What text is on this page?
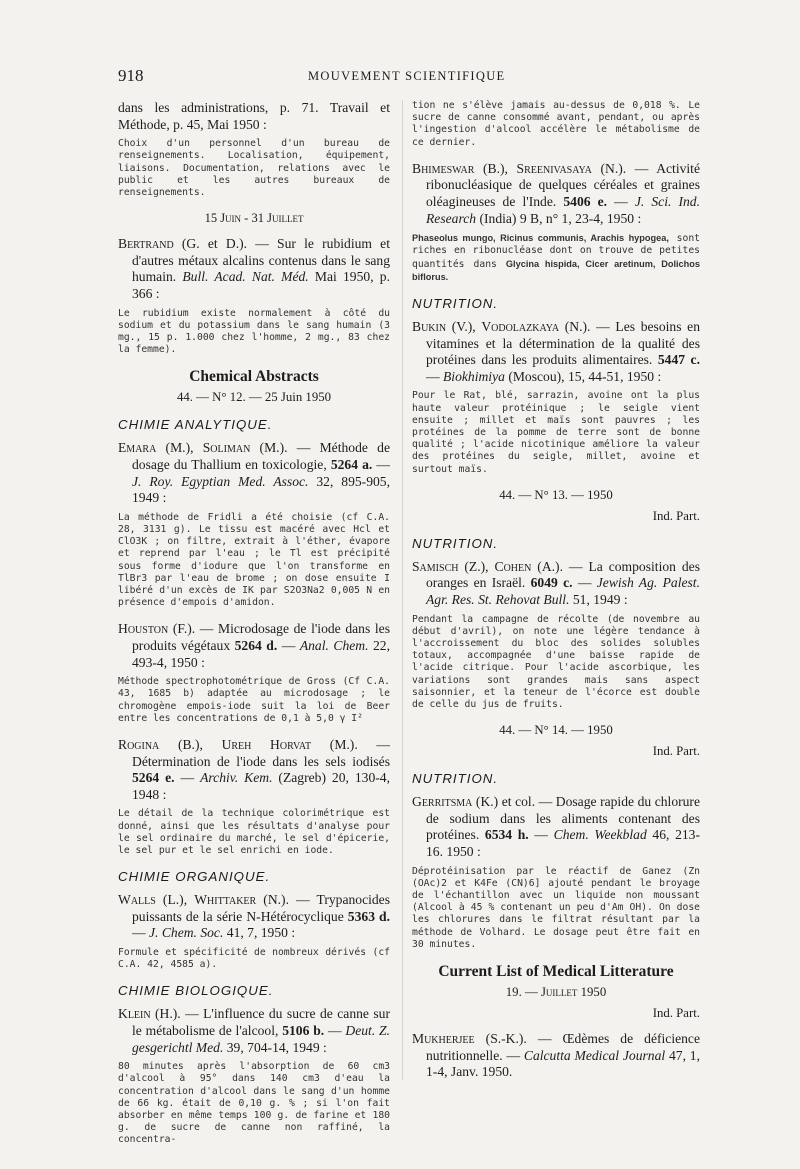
918	MOUVEMENT SCIENTIFIQUE

dans les administrations, p. 71. Travail et Méthode, p. 45, Mai 1950 :

Choix d'un personnel d'un bureau de renseignements. Localisation, équipement, liaisons. Documentation, relations avec le public et les autres bureaux de renseignements.

15 Juin - 31 Juillet

Bertrand (G. et D.). — Sur le rubidium et d'autres métaux alcalins contenus dans le sang humain. Bull. Acad. Nat. Méd. Mai 1950, p. 366 :

Le rubidium existe normalement à côté du sodium et du potassium dans le sang humain (3 mg., 15 p. 1.000 chez l'homme, 2 mg., 83 chez la femme).

Chemical Abstracts
44. — N° 12. — 25 Juin 1950
CHIMIE ANALYTIQUE.

Emara (M.), Soliman (M.). — Méthode de dosage du Thallium en toxicologie, 5264 a. — J. Roy. Egyptian Med. Assoc. 32, 895-905, 1949 :

La méthode de Fridli a été choisie (cf C.A. 28, 3131 g). Le tissu est macéré avec Hcl et ClO3K ; on filtre, extrait à l'éther, évapore et reprend par l'eau ; le Tl est précipité sous forme d'iodure que l'on transforme en TlBr3 par l'eau de brome ; on dose ensuite I libéré d'un excès de IK par S2O3Na2 0,005 N en présence d'empois d'amidon.

Houston (F.). — Microdosage de l'iode dans les produits végétaux 5264 d. — Anal. Chem. 22, 493-4, 1950 :

Méthode spectrophotométrique de Gross (Cf C.A. 43, 1685 b) adaptée au microdosage ; le chromogène empois-iode suit la loi de Beer entre les concentrations de 0,1 à 5,0 γ I²

Rogina (B.), Ureh Horvat (M.). — Détermination de l'iode dans les sels iodisés 5264 e. — Archiv. Kem. (Zagreb) 20, 130-4, 1948 :

Le détail de la technique colorimétrique est donné, ainsi que les résultats d'analyse pour le sel ordinaire du marché, le sel d'épicerie, le sel pur et le sel enrichi en iode.

CHIMIE ORGANIQUE.

Walls (L.), Whittaker (N.). — Trypanocides puissants de la série N-Hétérocyclique 5363 d. — J. Chem. Soc. 41, 7, 1950 :

Formule et spécificité de nombreux dérivés (cf C.A. 42, 4585 a).

CHIMIE BIOLOGIQUE.

Klein (H.). — L'influence du sucre de canne sur le métabolisme de l'alcool, 5106 b. — Deut. Z. gesgerichtl Med. 39, 704-14, 1949 :

80 minutes après l'absorption de 60 cm3 d'alcool à 95° dans 140 cm3 d'eau la concentration d'alcool dans le sang d'un homme de 66 kg. était de 0,10 g. % ; si l'on fait absorber en même temps 100 g. de farine et 180 g. de sucre de canne non raffiné, la concentra-

tion ne s'élève jamais au-dessus de 0,018 %. Le sucre de canne consommé avant, pendant, ou après l'ingestion d'alcool accélère le métabolisme de ce dernier.

Bhimeswar (B.), Sreenivasaya (N.). — Activité ribonucléasique de quelques céréales et graines oléagineuses de l'Inde. 5406 e. — J. Sci. Ind. Research (India) 9 B, n° 1, 23-4, 1950 :

Phaseolus mungo, Ricinus communis, Arachis hypogea, sont riches en ribonucléase dont on trouve de petites quantités dans Glycina hispida, Cicer aretinum, Dolichos biflorus.

NUTRITION.

Bukin (V.), Vodolazkaya (N.). — Les besoins en vitamines et la détermination de la qualité des protéines dans les produits alimentaires. 5447 c. — Biokhimiya (Moscou), 15, 44-51, 1950 :

Pour le Rat, blé, sarrazin, avoine ont la plus haute valeur protéinique ; le seigle vient ensuite ; millet et maïs sont pauvres ; les protéines de la pomme de terre sont de bonne qualité ; l'acide nicotinique améliore la valeur des protéines du seigle, millet, avoine et surtout maïs.

44. — N° 13. — 1950
Ind. Part.
NUTRITION.

Samisch (Z.), Cohen (A.). — La composition des oranges en Israël. 6049 c. — Jewish Ag. Palest. Agr. Res. St. Rehovat Bull. 51, 1949 :

Pendant la campagne de récolte (de novembre au début d'avril), on note une légère tendance à l'accroissement du bloc des solides solubles totaux, accompagnée d'une baisse rapide de l'acide citrique. Pour l'acide ascorbique, les variations sont grandes mais sans aspect saisonnier, et la teneur de l'écorce est double de celle du jus de fruits.

44. — N° 14. — 1950
Ind. Part.
NUTRITION.

Gerritsma (K.) et col. — Dosage rapide du chlorure de sodium dans les aliments contenant des protéines. 6534 h. — Chem. Weekblad 46, 213-16. 1950 :

Déprotéinisation par le réactif de Ganez (Zn (OAc)2 et K4Fe (CN)6] ajouté pendant le broyage de l'échantillon avec un liquide non moussant (Alcool à 45 % contenant un peu d'Am OH). On dose les chlorures dans le filtrat résultant par la méthode de Volhard. Le dosage peut être fait en 30 minutes.

Current List of Medical Litterature
19. — Juillet 1950
Ind. Part.

Mukherjee (S.-K.). — Œdèmes de déficience nutritionnelle. — Calcutta Medical Journal 47, 1, 1-4, Janv. 1950.
